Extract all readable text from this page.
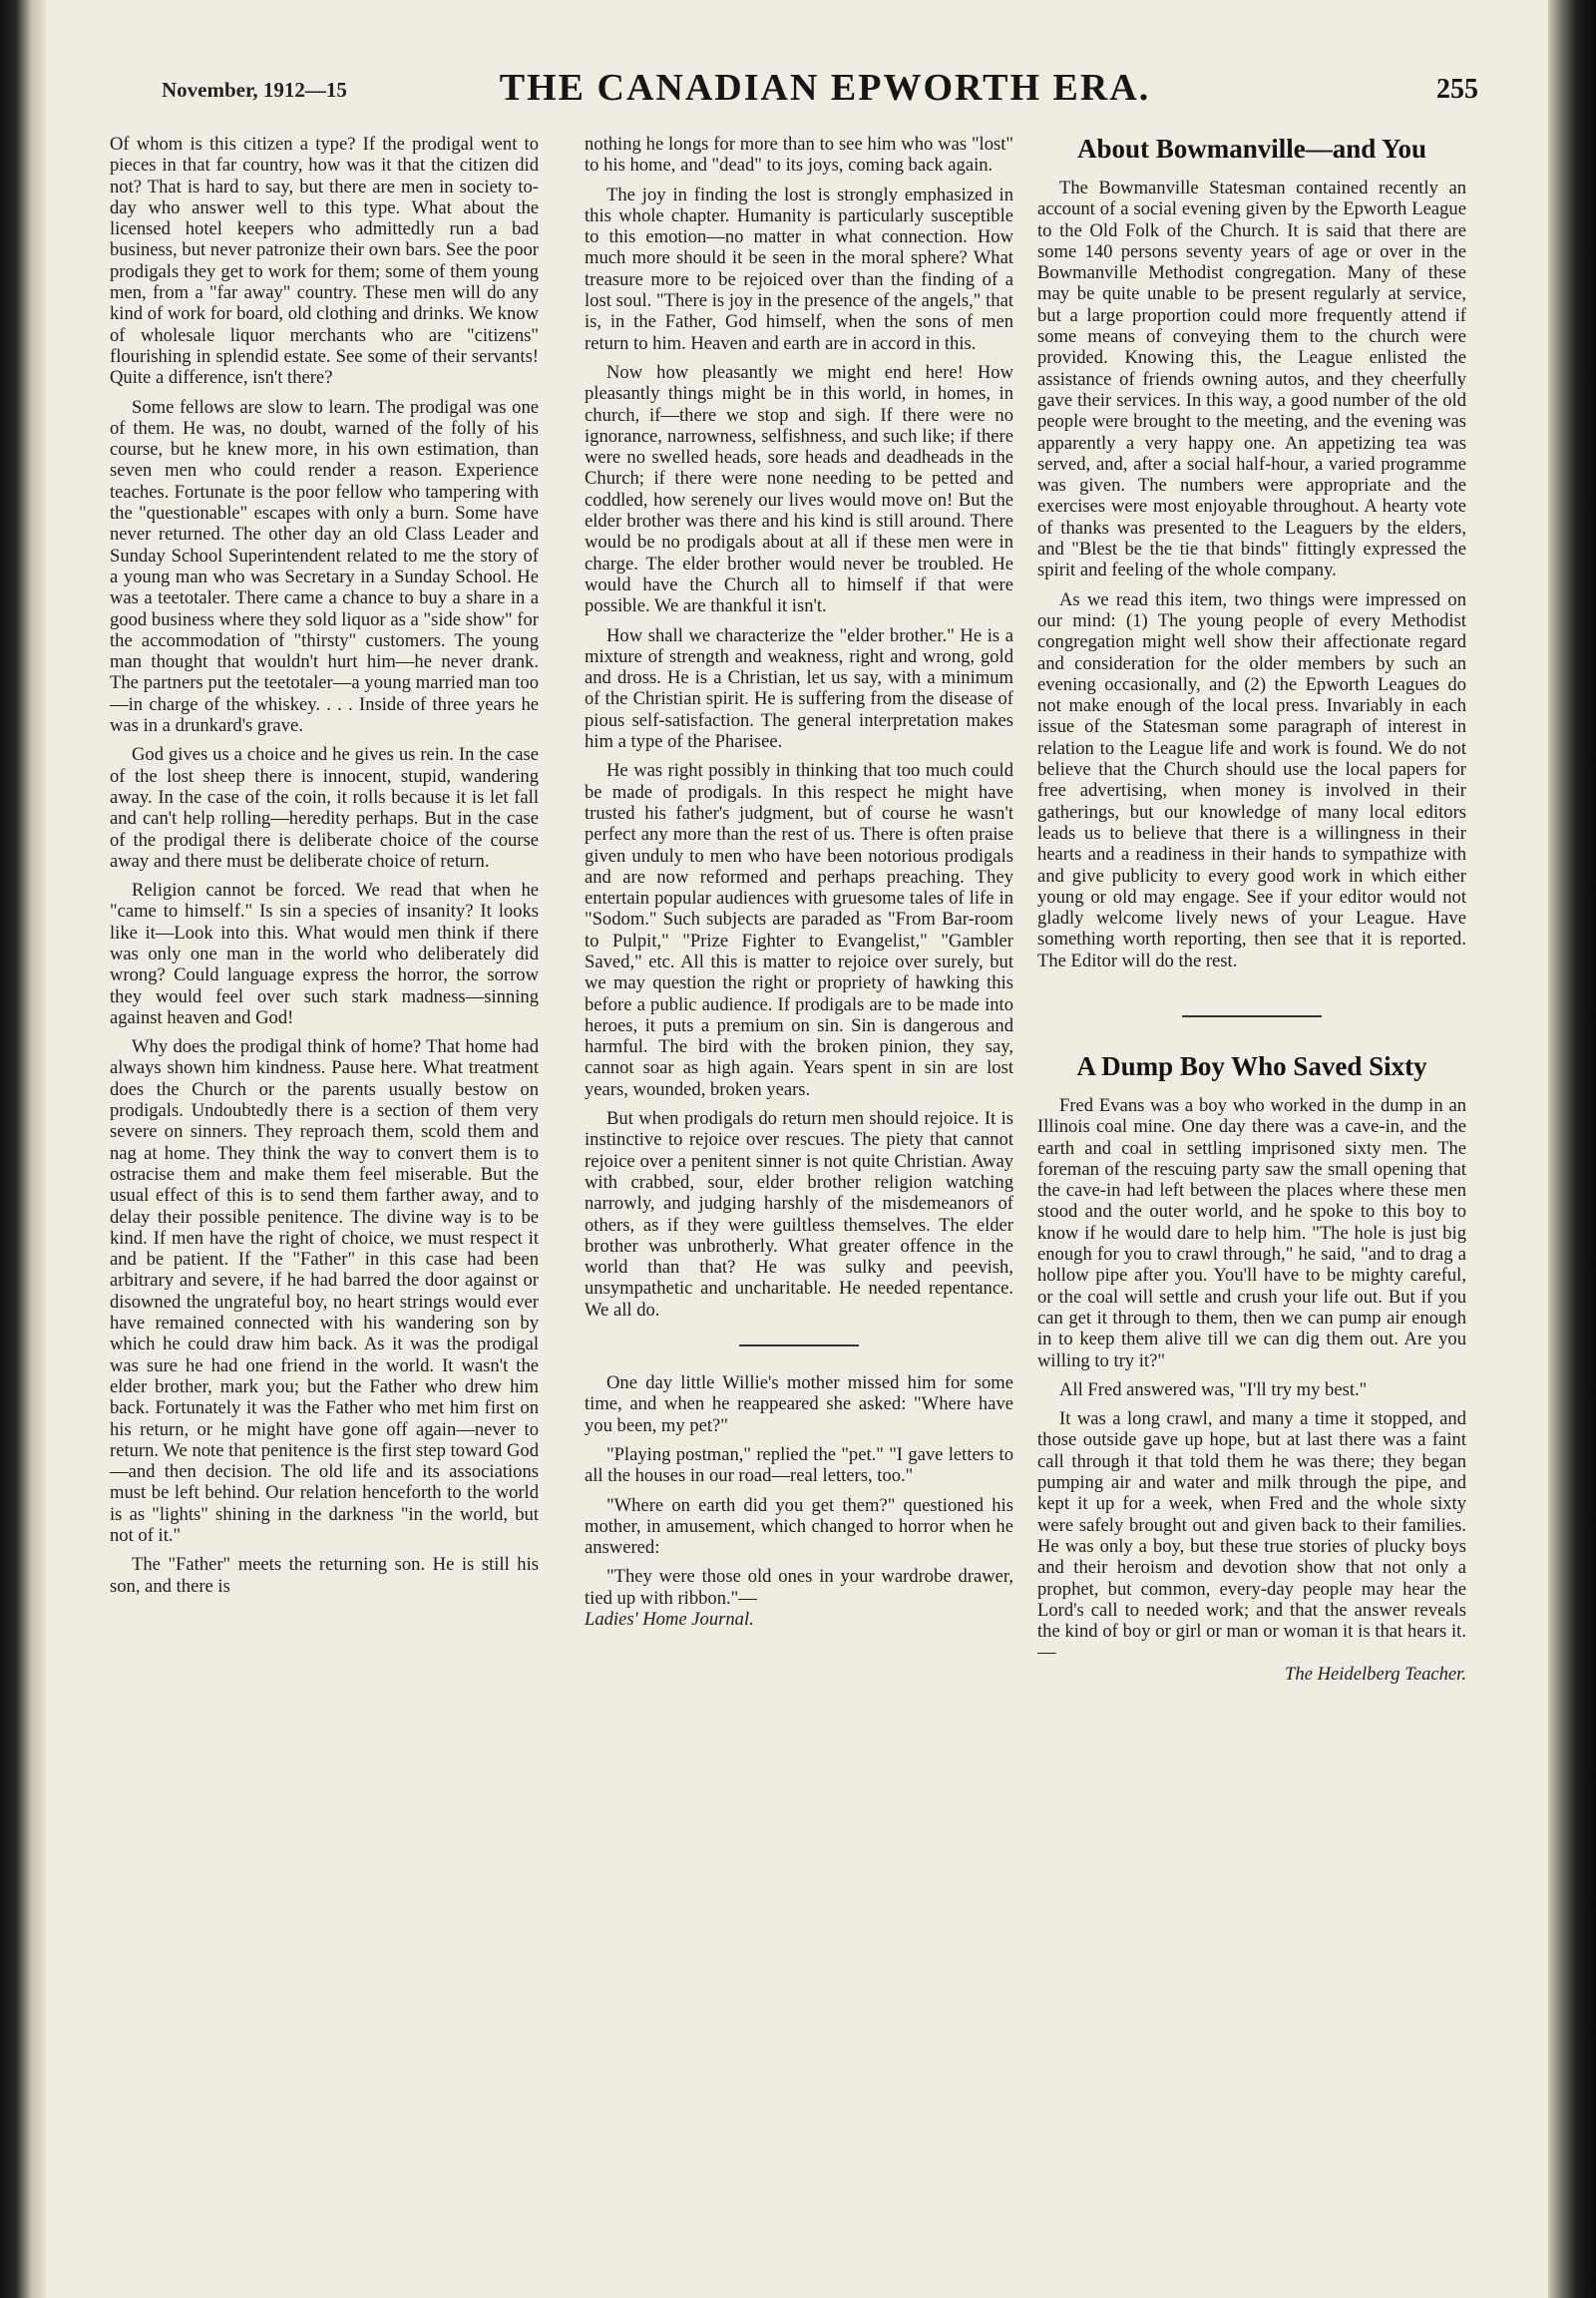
November, 1912—15	THE CANADIAN EPWORTH ERA.	255

Of whom is this citizen a type? If the prodigal went to pieces in that far country, how was it that the citizen did not? That is hard to say, but there are men in society to-day who answer well to this type. What about the licensed hotel keepers who admittedly run a bad business, but never patronize their own bars. See the poor prodigals they get to work for them; some of them young men, from a "far away" country. These men will do any kind of work for board, old clothing and drinks. We know of wholesale liquor merchants who are "citizens" flourishing in splendid estate. See some of their servants! Quite a difference, isn't there?

Some fellows are slow to learn. The prodigal was one of them. He was, no doubt, warned of the folly of his course, but he knew more, in his own estimation, than seven men who could render a reason. Experience teaches. Fortunate is the poor fellow who tampering with the "questionable" escapes with only a burn. Some have never returned. The other day an old Class Leader and Sunday School Superintendent related to me the story of a young man who was Secretary in a Sunday School. He was a teetotaler. There came a chance to buy a share in a good business where they sold liquor as a "side show" for the accommodation of "thirsty" customers. The young man thought that wouldn't hurt him—he never drank. The partners put the teetotaler—a young married man too—in charge of the whiskey. . . . Inside of three years he was in a drunkard's grave.

God gives us a choice and he gives us rein. In the case of the lost sheep there is innocent, stupid, wandering away. In the case of the coin, it rolls because it is let fall and can't help rolling—heredity perhaps. But in the case of the prodigal there is deliberate choice of the course away and there must be deliberate choice of return.

Religion cannot be forced. We read that when he "came to himself." Is sin a species of insanity? It looks like it—Look into this. What would men think if there was only one man in the world who deliberately did wrong? Could language express the horror, the sorrow they would feel over such stark madness—sinning against heaven and God!

Why does the prodigal think of home? That home had always shown him kindness. Pause here. What treatment does the Church or the parents usually bestow on prodigals. Undoubtedly there is a section of them very severe on sinners. They reproach them, scold them and nag at home. They think the way to convert them is to ostracise them and make them feel miserable. But the usual effect of this is to send them farther away, and to delay their possible penitence. The divine way is to be kind. If men have the right of choice, we must respect it and be patient. If the "Father" in this case had been arbitrary and severe, if he had barred the door against or disowned the ungrateful boy, no heart strings would ever have remained connected with his wandering son by which he could draw him back. As it was the prodigal was sure he had one friend in the world. It wasn't the elder brother, mark you; but the Father who drew him back. Fortunately it was the Father who met him first on his return, or he might have gone off again—never to return. We note that penitence is the first step toward God—and then decision. The old life and its associations must be left behind. Our relation henceforth to the world is as "lights" shining in the darkness "in the world, but not of it."

The "Father" meets the returning son. He is still his son, and there is

nothing he longs for more than to see him who was "lost" to his home, and "dead" to its joys, coming back again.

The joy in finding the lost is strongly emphasized in this whole chapter. Humanity is particularly susceptible to this emotion—no matter in what connection. How much more should it be seen in the moral sphere? What treasure more to be rejoiced over than the finding of a lost soul. "There is joy in the presence of the angels," that is, in the Father, God himself, when the sons of men return to him. Heaven and earth are in accord in this.

Now how pleasantly we might end here! How pleasantly things might be in this world, in homes, in church, if—there we stop and sigh. If there were no ignorance, narrowness, selfishness, and such like; if there were no swelled heads, sore heads and deadheads in the Church; if there were none needing to be petted and coddled, how serenely our lives would move on! But the elder brother was there and his kind is still around. There would be no prodigals about at all if these men were in charge. The elder brother would never be troubled. He would have the Church all to himself if that were possible. We are thankful it isn't.

How shall we characterize the "elder brother." He is a mixture of strength and weakness, right and wrong, gold and dross. He is a Christian, let us say, with a minimum of the Christian spirit. He is suffering from the disease of pious self-satisfaction. The general interpretation makes him a type of the Pharisee.

He was right possibly in thinking that too much could be made of prodigals. In this respect he might have trusted his father's judgment, but of course he wasn't perfect any more than the rest of us. There is often praise given unduly to men who have been notorious prodigals and are now reformed and perhaps preaching. They entertain popular audiences with gruesome tales of life in "Sodom." Such subjects are paraded as "From Bar-room to Pulpit," "Prize Fighter to Evangelist," "Gambler Saved," etc. All this is matter to rejoice over surely, but we may question the right or propriety of hawking this before a public audience. If prodigals are to be made into heroes, it puts a premium on sin. Sin is dangerous and harmful. The bird with the broken pinion, they say, cannot soar as high again. Years spent in sin are lost years, wounded, broken years.

But when prodigals do return men should rejoice. It is instinctive to rejoice over rescues. The piety that cannot rejoice over a penitent sinner is not quite Christian. Away with crabbed, sour, elder brother religion watching narrowly, and judging harshly of the misdemeanors of others, as if they were guiltless themselves. The elder brother was unbrotherly. What greater offence in the world than that? He was sulky and peevish, unsympathetic and uncharitable. He needed repentance. We all do.

One day little Willie's mother missed him for some time, and when he reappeared she asked: "Where have you been, my pet?"

"Playing postman," replied the "pet." "I gave letters to all the houses in our road—real letters, too."

"Where on earth did you get them?" questioned his mother, in amusement, which changed to horror when he answered:

"They were those old ones in your wardrobe drawer, tied up with ribbon."—

Ladies' Home Journal.

About Bowmanville—and You

The Bowmanville Statesman contained recently an account of a social evening given by the Epworth League to the Old Folk of the Church. It is said that there are some 140 persons seventy years of age or over in the Bowmanville Methodist congregation. Many of these may be quite unable to be present regularly at service, but a large proportion could more frequently attend if some means of conveying them to the church were provided. Knowing this, the League enlisted the assistance of friends owning autos, and they cheerfully gave their services. In this way, a good number of the old people were brought to the meeting, and the evening was apparently a very happy one. An appetizing tea was served, and, after a social half-hour, a varied programme was given. The numbers were appropriate and the exercises were most enjoyable throughout. A hearty vote of thanks was presented to the Leaguers by the elders, and "Blest be the tie that binds" fittingly expressed the spirit and feeling of the whole company.

As we read this item, two things were impressed on our mind: (1) The young people of every Methodist congregation might well show their affectionate regard and consideration for the older members by such an evening occasionally, and (2) the Epworth Leagues do not make enough of the local press. Invariably in each issue of the Statesman some paragraph of interest in relation to the League life and work is found. We do not believe that the Church should use the local papers for free advertising, when money is involved in their gatherings, but our knowledge of many local editors leads us to believe that there is a willingness in their hearts and a readiness in their hands to sympathize with and give publicity to every good work in which either young or old may engage. See if your editor would not gladly welcome lively news of your League. Have something worth reporting, then see that it is reported. The Editor will do the rest.

A Dump Boy Who Saved Sixty

Fred Evans was a boy who worked in the dump in an Illinois coal mine. One day there was a cave-in, and the earth and coal in settling imprisoned sixty men. The foreman of the rescuing party saw the small opening that the cave-in had left between the places where these men stood and the outer world, and he spoke to this boy to know if he would dare to help him. "The hole is just big enough for you to crawl through," he said, "and to drag a hollow pipe after you. You'll have to be mighty careful, or the coal will settle and crush your life out. But if you can get it through to them, then we can pump air enough in to keep them alive till we can dig them out. Are you willing to try it?"

All Fred answered was, "I'll try my best."

It was a long crawl, and many a time it stopped, and those outside gave up hope, but at last there was a faint call through it that told them he was there; they began pumping air and water and milk through the pipe, and kept it up for a week, when Fred and the whole sixty were safely brought out and given back to their families. He was only a boy, but these true stories of plucky boys and their heroism and devotion show that not only a prophet, but common, every-day people may hear the Lord's call to needed work; and that the answer reveals the kind of boy or girl or man or woman it is that hears it.—

The Heidelberg Teacher.
